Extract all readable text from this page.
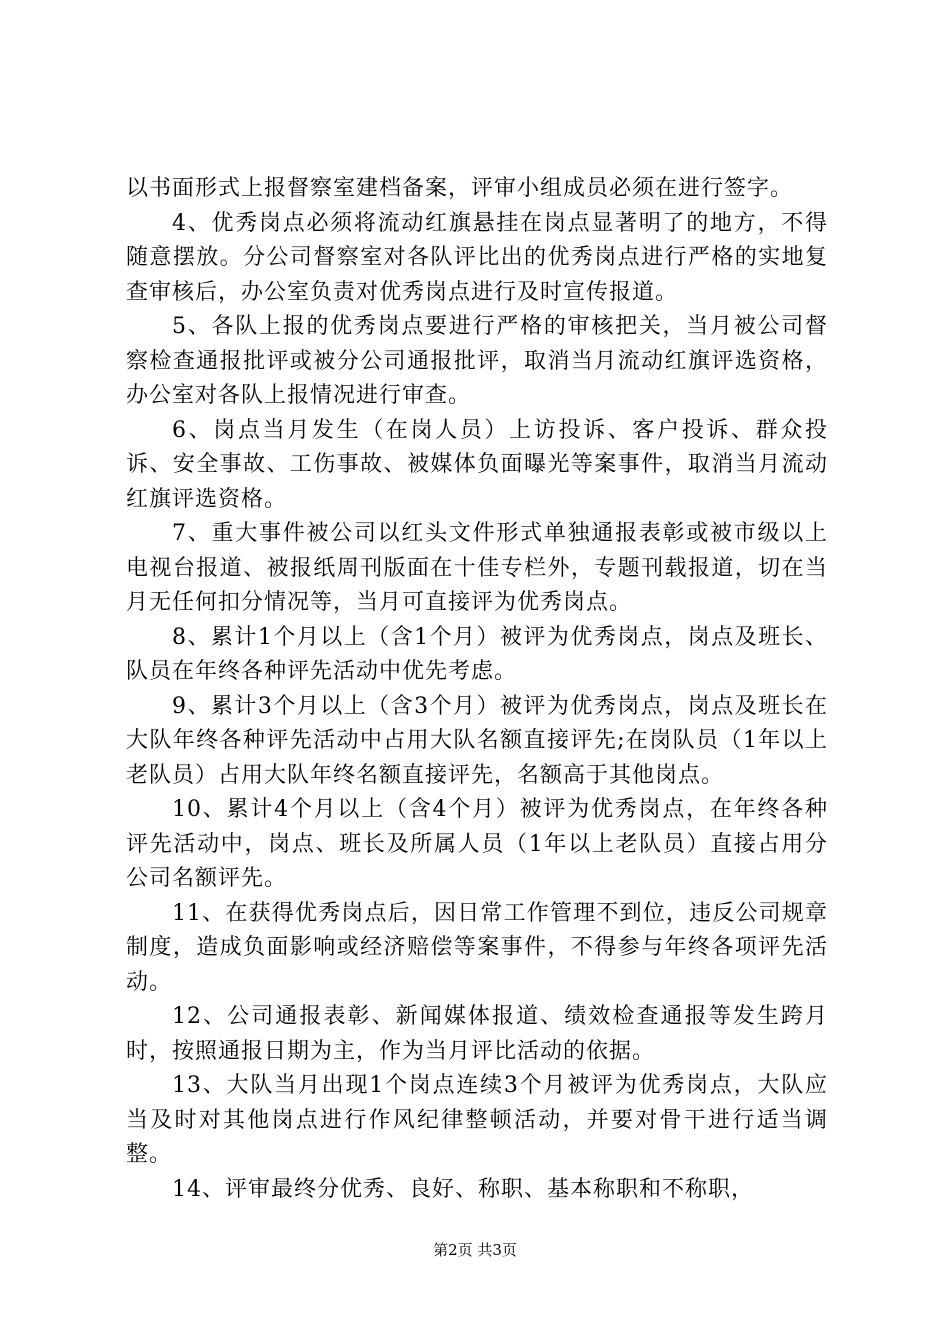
以书面形式上报督察室建档备案，评审小组成员必须在进行签字。

4、优秀岗点必须将流动红旗悬挂在岗点显著明了的地方，不得随意摆放。分公司督察室对各队评比出的优秀岗点进行严格的实地复查审核后，办公室负责对优秀岗点进行及时宣传报道。

5、各队上报的优秀岗点要进行严格的审核把关，当月被公司督察检查通报批评或被分公司通报批评，取消当月流动红旗评选资格，办公室对各队上报情况进行审查。

6、岗点当月发生（在岗人员）上访投诉、客户投诉、群众投诉、安全事故、工伤事故、被媒体负面曝光等案事件，取消当月流动红旗评选资格。

7、重大事件被公司以红头文件形式单独通报表彰或被市级以上电视台报道、被报纸周刊版面在十佳专栏外，专题刊载报道，切在当月无任何扣分情况等，当月可直接评为优秀岗点。

8、累计1个月以上（含1个月）被评为优秀岗点，岗点及班长、队员在年终各种评先活动中优先考虑。

9、累计3个月以上（含3个月）被评为优秀岗点，岗点及班长在大队年终各种评先活动中占用大队名额直接评先;在岗队员（1年以上老队员）占用大队年终名额直接评先，名额高于其他岗点。

10、累计4个月以上（含4个月）被评为优秀岗点，在年终各种评先活动中，岗点、班长及所属人员（1年以上老队员）直接占用分公司名额评先。

11、在获得优秀岗点后，因日常工作管理不到位，违反公司规章制度，造成负面影响或经济赔偿等案事件，不得参与年终各项评先活动。

12、公司通报表彰、新闻媒体报道、绩效检查通报等发生跨月时，按照通报日期为主，作为当月评比活动的依据。

13、大队当月出现1个岗点连续3个月被评为优秀岗点，大队应当及时对其他岗点进行作风纪律整顿活动，并要对骨干进行适当调整。

14、评审最终分优秀、良好、称职、基本称职和不称职，

第2页 共3页
